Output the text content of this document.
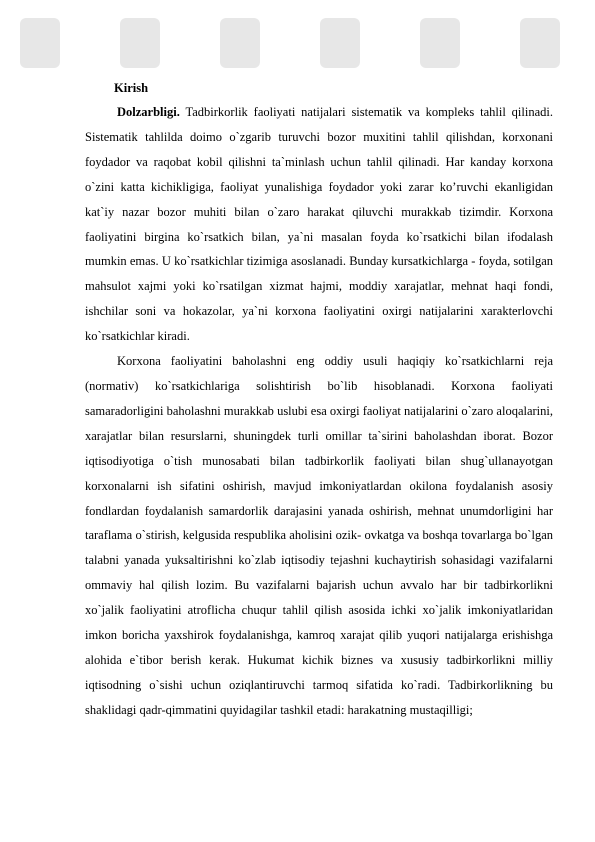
Kirish

Dolzarbligi. Tadbirkorlik faoliyati natijalari sistematik va kompleks tahlil qilinadi. Sistematik tahlilda doimo o`zgarib turuvchi bozor muxitini tahlil qilishdan, korxonani foydador va raqobat kobil qilishni ta`minlash uchun tahlil qilinadi. Har kanday korxona o`zini katta kichikligiga, faoliyat yunalishiga foydador yoki zarar ko’ruvchi ekanligidan kat`iy nazar bozor muhiti bilan o`zaro harakat qiluvchi murakkab tizimdir. Korxona faoliyatini birgina ko`rsatkich bilan, ya`ni masalan foyda ko`rsatkichi bilan ifodalash mumkin emas. U ko`rsatkichlar tizimiga asoslanadi. Bunday kursatkichlarga - foyda, sotilgan mahsulot xajmi yoki ko`rsatilgan xizmat hajmi, moddiy xarajatlar, mehnat haqi fondi, ishchilar soni va hokazolar, ya`ni korxona faoliyatini oxirgi natijalarini xarakterlovchi ko`rsatkichlar kiradi.

Korxona faoliyatini baholashni eng oddiy usuli haqiqiy ko`rsatkichlarni reja (normativ) ko`rsatkichlariga solishtirish bo`lib hisoblanadi. Korxona faoliyati samaradorligini baholashni murakkab uslubi esa oxirgi faoliyat natijalarini o`zaro aloqalarini, xarajatlar bilan resurslarni, shuningdek turli omillar ta`sirini baholashdan iborat. Bozor iqtisodiyotiga o`tish munosabati bilan tadbirkorlik faoliyati bilan shug`ullanayotgan korxonalarni ish sifatini oshirish, mavjud imkoniyatlardan okilona foydalanish asosiy fondlardan foydalanish samardorlik darajasini yanada oshirish, mehnat unumdorligini har taraflama o`stirish, kelgusida respublika aholisini ozik- ovkatga va boshqa tovarlarga bo`lgan talabni yanada yuksaltirishni ko`zlab iqtisodiy tejashni kuchaytirish sohasidagi vazifalarni ommaviy hal qilish lozim. Bu vazifalarni bajarish uchun avvalo har bir tadbirkorlikni xo`jalik faoliyatini atroflicha chuqur tahlil qilish asosida ichki xo`jalik imkoniyatlaridan imkon boricha yaxshirok foydalanishga, kamroq xarajat qilib yuqori natijalarga erishishga alohida e`tibor berish kerak. Hukumat kichik biznes va xususiy tadbirkorlikni milliy iqtisodning o`sishi uchun oziqlantiruvchi tarmoq sifatida ko`radi. Tadbirkorlikning bu shaklidagi qadr-qimmatini quyidagilar tashkil etadi: harakatning mustaqilligi;
